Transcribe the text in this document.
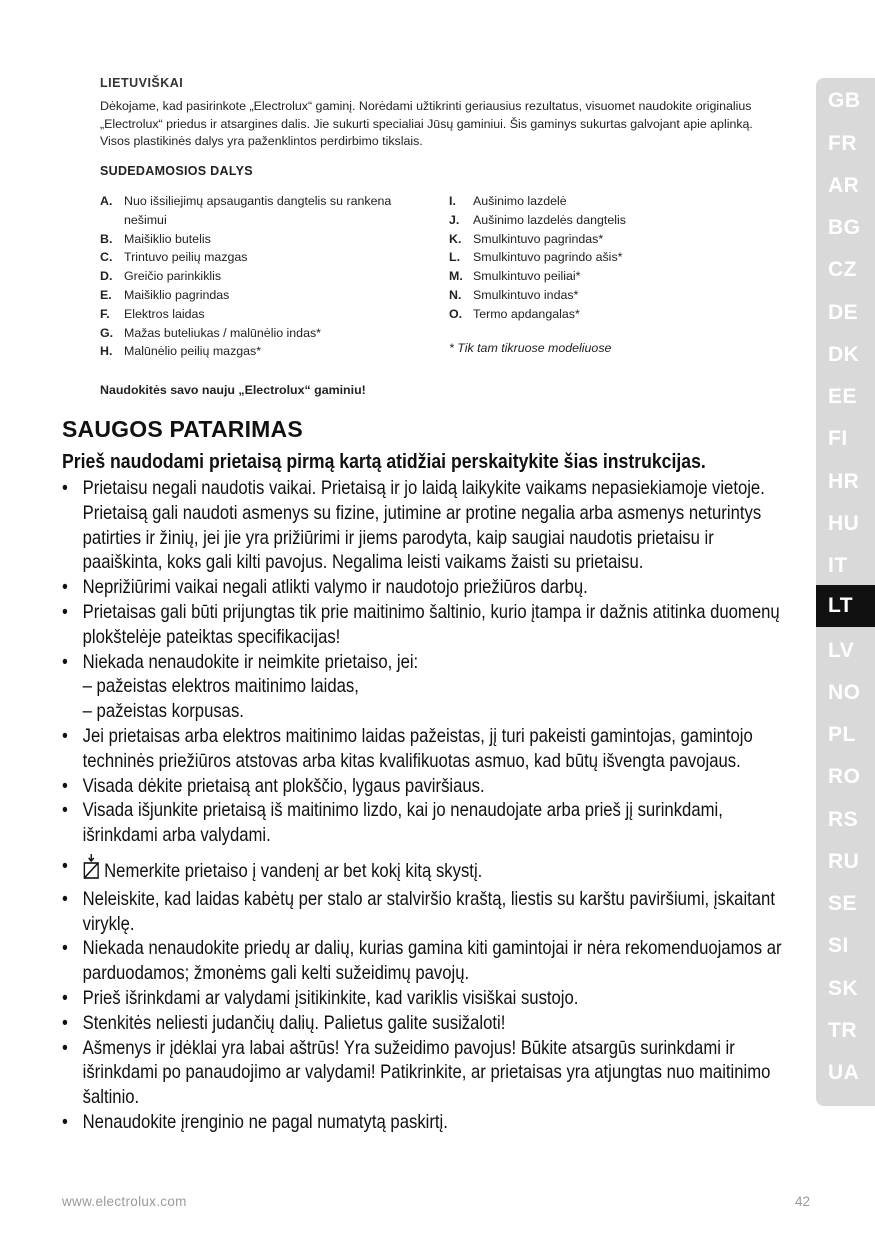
LIETUVIŠKAI
Dėkojame, kad pasirinkote „Electrolux“ gaminį. Norėdami užtikrinti geriausius rezultatus, visuomet naudokite originalius „Electrolux“ priedus ir atsargines dalis. Jie sukurti specialiai Jūsų gaminiui. Šis gaminys sukurtas galvojant apie aplinką. Visos plastikinės dalys yra paženklintos perdirbimo tikslais.
SUDEDAMOSIOS DALYS
A. Nuo išsiliejimų apsaugantis dangtelis su rankena nešimui
B. Maišiklio butelis
C. Trintuvo peilių mazgas
D. Greičio parinkiklis
E. Maišiklio pagrindas
F.	Elektros laidas
G. Mažas buteliukas / malūnėlio indas*
H. Malūnėlio peilių mazgas*
I.	Aušinimo lazdelė
J.	Aušinimo lazdelės dangtelis
K. Smulkintuvo pagrindas*
L.	Smulkintuvo pagrindo ašis*
M. Smulkintuvo peiliai*
N. Smulkintuvo indas*
O. Termo apdangalas*
* Tik tam tikruose modeliuose
Naudokitės savo nauju „Electrolux“ gaminiu!
SAUGOS PATARIMAS
Prieš naudodami prietaisą pirmą kartą atidžiai perskaitykite šias instrukcijas.
• Prietaisu negali naudotis vaikai. Prietaisą ir jo laidą laikykite vaikams nepasiekiamoje vietoje. Prietaisą gali naudoti asmenys su fizine, jutimine ar protine negalia arba asmenys neturintys patirties ir žinių, jei jie yra prižiūrimi ir jiems parodyta, kaip saugiai naudotis prietaisu ir paaiškinta, koks gali kilti pavojus. Negalima leisti vaikams žaisti su prietaisu.
• Neprižiūrimi vaikai negali atlikti valymo ir naudotojo priežiūros darbų.
• Prietaisas gali būti prijungtas tik prie maitinimo šaltinio, kurio įtampa ir dažnis atitinka duomenų plokštelėje pateiktas specifikacijas!
• Niekada nenaudokite ir neimkite prietaiso, jei:
– pažeistas elektros maitinimo laidas,
– pažeistas korpusas.
• Jei prietaisas arba elektros maitinimo laidas pažeistas, jį turi pakeisti gamintojas, gamintojo techninės priežiūros atstovas arba kitas kvalifikuotas asmuo, kad būtų išvengta pavojaus.
• Visada dėkite prietaisą ant plokščio, lygaus paviršiaus.
• Visada išjunkite prietaisą iš maitinimo lizdo, kai jo nenaudojate arba prieš jį surinkdami, išrinkdami arba valydami.
• Nemerkite prietaiso į vandenį ar bet kokį kitą skystį.
• Neleiskite, kad laidas kabėtų per stalo ar stalviršio kraštą, liestis su karštu paviršiumi, įskaitant viryklę.
• Niekada nenaudokite priedų ar dalių, kurias gamina kiti gamintojai ir nėra rekomenduojamos ar parduodamos; žmonėms gali kelti sužeidimų pavojų.
• Prieš išrinkdami ar valydami įsitikinkite, kad variklis visiškai sustojo.
• Stenkitės neliesti judančių dalių. Palietus galite susižaloti!
• Ašmenys ir įdėklai yra labai aštrūs! Yra sužeidimo pavojus! Būkite atsargūs surinkdami ir išrinkdami po panaudojimo ar valydami! Patikrinkite, ar prietaisas yra atjungtas nuo maitinimo šaltinio.
• Nenaudokite įrenginio ne pagal numatytą paskirtį.
GB
FR
AR
BG
CZ
DE
DK
EE
FI
HR
HU
IT
LT
LV
NO
PL
RO
RS
RU
SE
SI
SK
TR
UA
www.electrolux.com	42
